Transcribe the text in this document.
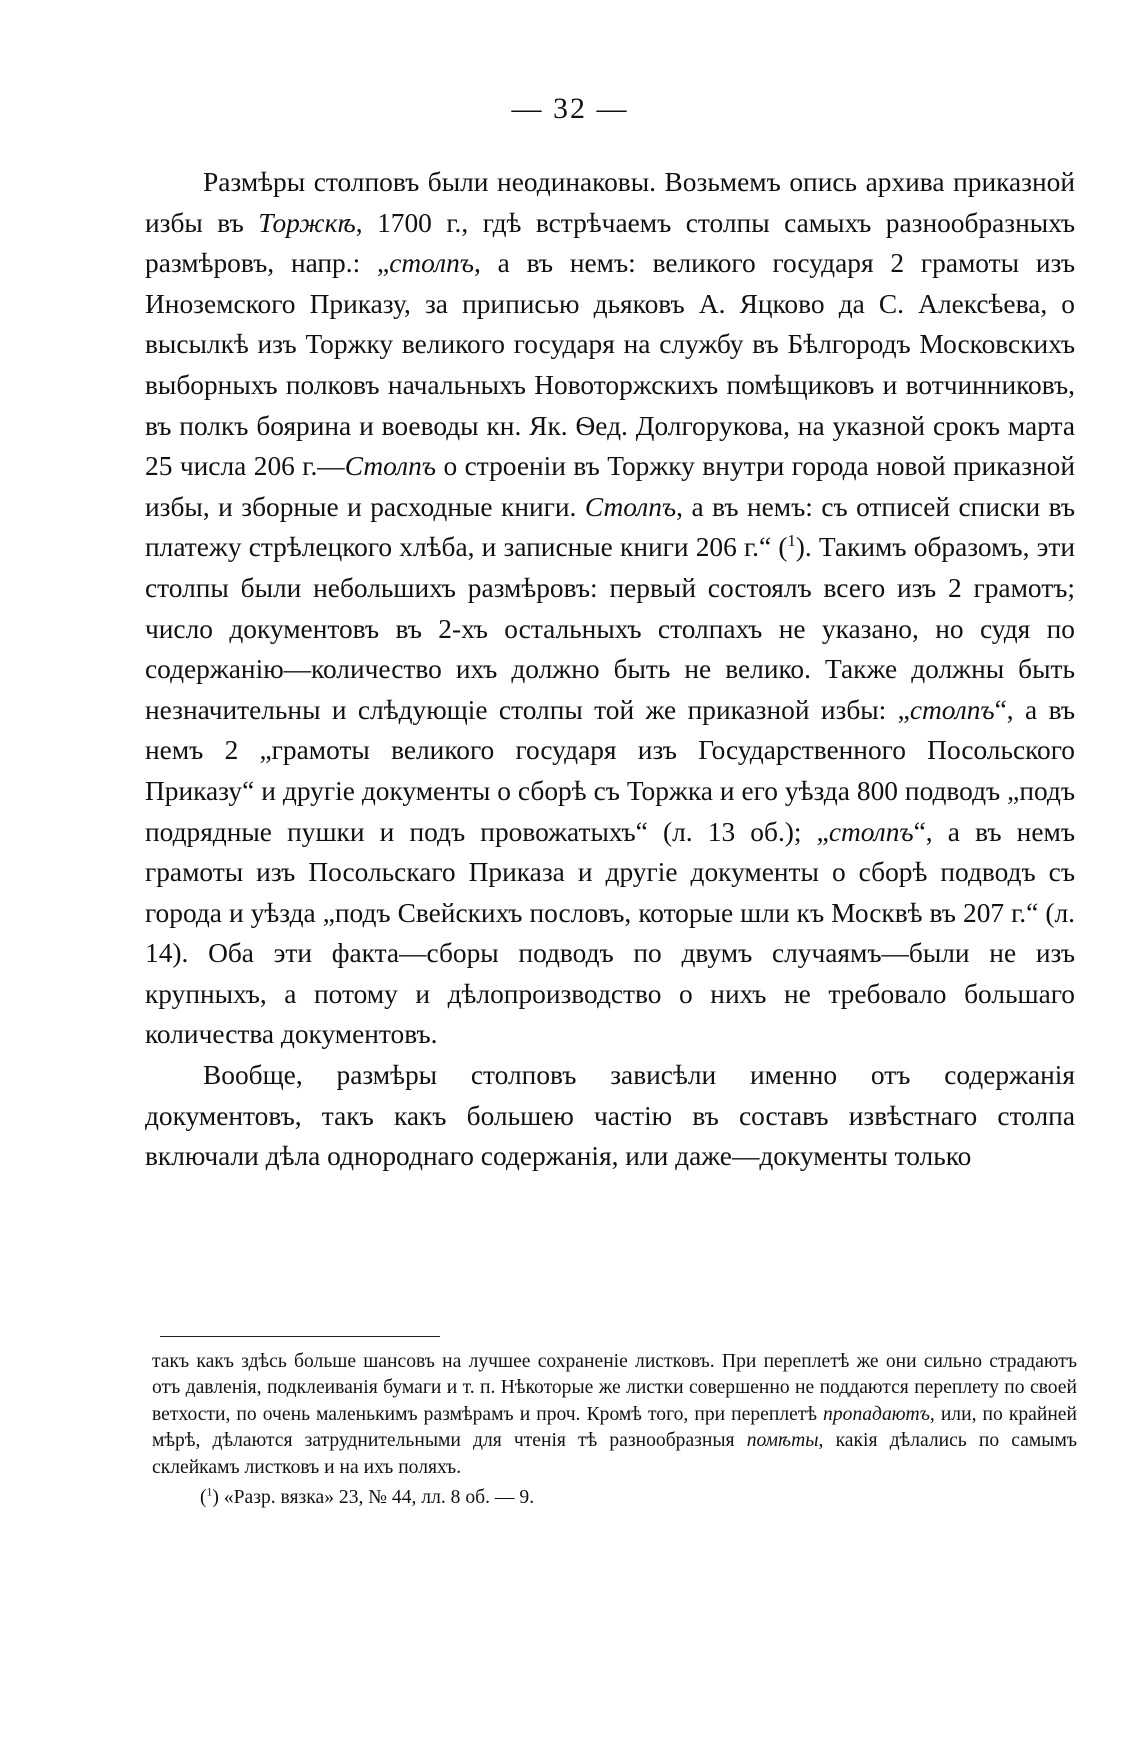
— 32 —

Размѣры столповъ были неодинаковы. Возьмемъ опись архива приказной избы въ Торжкѣ, 1700 г., гдѣ встрѣчаемъ столпы самыхъ разнообразныхъ размѣровъ, напр.: „столпъ, а въ немъ: великого государя 2 грамоты изъ Иноземского Приказу, за приписью дьяковъ А. Яцково да С. Алексѣева, о высылкѣ изъ Торжку великого государя на службу въ Бѣлгородъ Московскихъ выборныхъ полковъ начальныхъ Новоторжскихъ помѣщиковъ и вотчинниковъ, въ полкъ боярина и воеводы кн. Як. Ѳед. Долгорукова, на указной срокъ марта 25 числа 206 г.—Столпъ о строеніи въ Торжку внутри города новой приказной избы, и зборные и расходные книги. Столпъ, а въ немъ: съ отписей списки въ платежу стрѣлецкого хлѣба, и записные книги 206 г.“ ($^1$). Такимъ образомъ, эти столпы были небольшихъ размѣровъ: первый состоялъ всего изъ 2 грамотъ; число документовъ въ 2-хъ остальныхъ столпахъ не указано, но судя по содержанію—количество ихъ должно быть не велико. Также должны быть незначительны и слѣдующіе столпы той же приказной избы: „столпъ“, а въ немъ 2 „грамоты великого государя изъ Государственного Посольского Приказу“ и другіе документы о сборѣ съ Торжка и его уѣзда 800 подводъ „подъ подрядные пушки и подъ провожатыхъ“ (л. 13 об.); „столпъ“, а въ немъ грамоты изъ Посольскаго Приказа и другіе документы о сборѣ подводъ съ города и уѣзда „подъ Свейскихъ пословъ, которые шли къ Москвѣ въ 207 г.“ (л. 14). Оба эти факта—сборы подводъ по двумъ случаямъ—были не изъ крупныхъ, а потому и дѣлопроизводство о нихъ не требовало большаго количества документовъ.

Вообще, размѣры столповъ зависѣли именно отъ содержанія документовъ, такъ какъ большею частію въ составъ извѣстнаго столпа включали дѣла однороднаго содержанія, или даже—документы только

такъ какъ здѣсь больше шансовъ на лучшее сохраненіе листковъ. При переплетѣ же они сильно страдаютъ отъ давленія, подклеиванія бумаги и т. п. Нѣкоторые же листки совершенно не поддаются переплету по своей ветхости, по очень маленькимъ размѣрамъ и проч. Кромѣ того, при переплетѣ пропадаютъ, или, по крайней мѣрѣ, дѣлаются затруднительными для чтенія тѣ разнообразныя помѣты, какія дѣлались по самымъ склейкамъ листковъ и на ихъ поляхъ.

($^1$) «Разр. вязка» 23, № 44, лл. 8 об. — 9.
